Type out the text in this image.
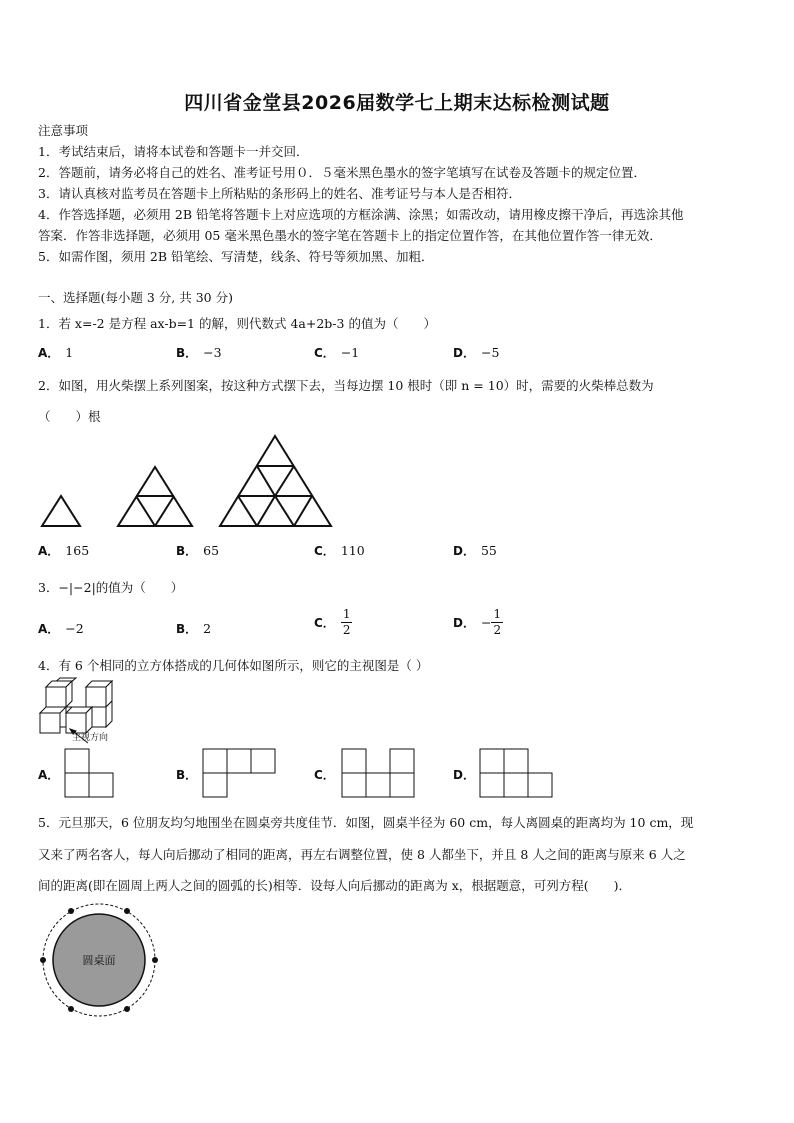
四川省金堂县2026届数学七上期末达标检测试题
注意事项
1．考试结束后，请将本试卷和答题卡一并交回．
2．答题前，请务必将自己的姓名、准考证号用０．５毫米黑色墨水的签字笔填写在试卷及答题卡的规定位置．
3．请认真核对监考员在答题卡上所粘贴的条形码上的姓名、准考证号与本人是否相符．
4．作答选择题，必须用 2B 铅笔将答题卡上对应选项的方框涂满、涂黑；如需改动，请用橡皮擦干净后，再选涂其他
答案．作答非选择题，必须用 05 毫米黑色墨水的签字笔在答题卡上的指定位置作答，在其他位置作答一律无效．
5．如需作图，须用 2B 铅笔绘、写清楚，线条、符号等须加黑、加粗．
一、选择题(每小题 3 分, 共 30 分)
1．若 x=-2 是方程 ax-b=1 的解，则代数式 4a+2b-3 的值为（　　）
A． 1	B． −3	C． −1	D． −5
2．如图，用火柴摆上系列图案，按这种方式摆下去，当每边摆 10 根时（即 n = 10）时，需要的火柴棒总数为
（　　）根
A． 165	B． 65	C． 110	D． 55
3．−|−2|的值为（　　）
A． −2	B． 2	C． $\frac{1}{2}$	D． − $\frac{1}{2}$
4．有 6 个相同的立方体搭成的几何体如图所示，则它的主视图是（ ）
主视方向
A．	B．	C．	D．
5．元旦那天，6 位朋友均匀地围坐在圆桌旁共度佳节．如图，圆桌半径为 60 cm，每人离圆桌的距离均为 10 cm，现
又来了两名客人，每人向后挪动了相同的距离，再左右调整位置，使 8 人都坐下，并且 8 人之间的距离与原来 6 人之
间的距离(即在圆周上两人之间的圆弧的长)相等．设每人向后挪动的距离为 x，根据题意，可列方程(　　)．
圆桌面
